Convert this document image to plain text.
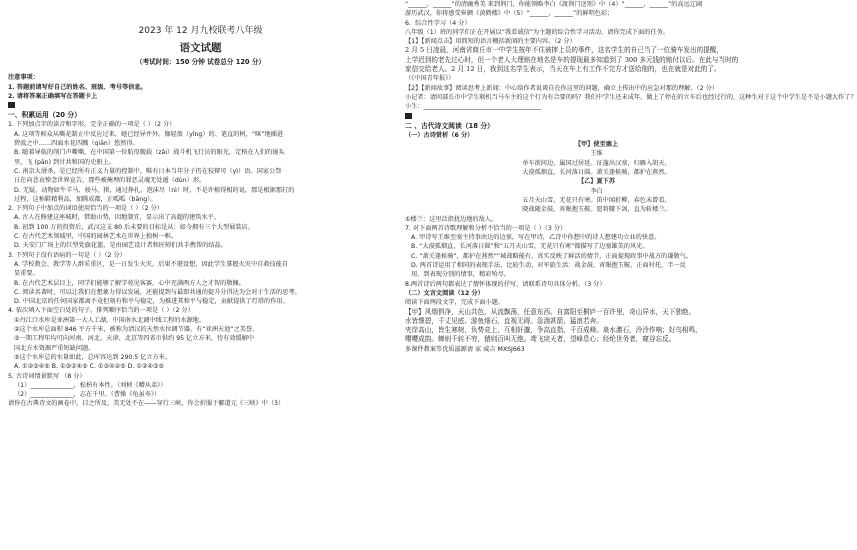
2023 年 12 月九校联考八年级
语文试题
（考试时间：150 分钟 试卷总分 120 分）
注意事项：
1. 答题前请写好自己的姓名、班级、考号等信息。
2. 请将答案正确填写在答题卡上
一、积累运用（20 分）
1. 下列加点字的读音和字形，完全正确的一项是（ ）（2 分）
A. 这项等候众从嘶花制止中反应过来，她已经异并外。像轻盈（yǐng）的、笔直的树，“咪”地插进
碧波之中……四面水花四溅（qiān）悠然得。
B. 随着导航的削门声嘶嘶，在中国第一位航母舰载（zǎi）战斗机飞行员的眼光，定格在人们的镜头
里，飞 (pān) 到甘共和国的史册上。
C. 南京大屠杀，是已经所有正义力量的控制中，唯有日本当年分子仍在狡辩可（yì）语。国家公祭
日在向悲哀悼念世界宣告，那些被掩埋的罪恶灵魂无处遁（dùn）形。
D. 无疑，动物如牛羊马、骏马、猪，通过挣扎、泡沫尽（nì）时，不是许植得相的说，那是根据那打的
过程，这称鞋精利品，加腾成都，正呱呱（bāng）。
2. 下列句子中加点的词语使用恰当的一项是（ ）（2 分）
A. 古人在修建这座城时，借助山势，因地制宜，显示出了高超的建筑水平。
B. 初到 100 万的投资后，武汉这支 80 后未要的目标是从：如今拥有三个大型展装店。
C. 在古代艺术领域里，中国的园林艺术在世界上独树一帜。
D. 天安门广场上的巨型党旗花篮，是由园艺设计者和匠师们共手携帮的结晶。
3. 下列句子没有语病的一句是（ ）（2 分）
A. 学校教会、教学等人群采重区，是一日发生火灾，后果不堪设想，因此学生掌握火灾中自救技能自
显重要。
B. 在古代艺术层目上，同学们能够了解学苑见客赛，心中充满两方人之才智的敬佩。
C. 阅读名著时，可以让我们在想象力得以发展，还能提到与最即共通的提升分得达为会对于生活的思考。
D. 中国北京的任何国家都离不竟但刻有和平与稳定，为推进其和平与稳定，贡献提供了灯塔的作用。
4. 依次填入下面空白处的句子，排列顺序恰当的一项是（ ）（2 分）
①丹江口水库是亚洲第一大人工湖，中国南水北调中线工程的水源地。
②这个水库总面积 846 平方千米，被称为清汉的天然水位调节器，有“亚洲天池”之美誉。
③一期工程年均可向河南、河北、天津、北京等四省市供约 95 亿立方米，待有效缓解中
国北方水资源严重短缺问题。
⑤这个水库总的水量如此，总库容达到 290.5 亿立方米。
A. ①②③④⑤ B. ①③②④⑤ C. ①③④②⑤ D. ①②④③⑤
5. 古诗词情景默写 （8 分）
（1）______________，松柏有本性。（刘桢《赠从弟》）
（2）______________，志在千里。（曹操《龟虽寿》）
请你在古典诗文的画卷中，目之所及，美无处不在——穿行三峡，你会折服于郦道元《三峡》中（3）
“______，______”的清幽秀美 来到荆门，你能领略李白《渡荆门送别》中（4）“______，______”的高远辽阔
游历武汉，你将感受崔颢《黄鹤楼》中（5）“______，______”的鲜明色彩；
6．综合性学习（4 分）
八年级（1）班的同学们正在开展以“我看诚信”为主题的综合性学习活动，请你完成下面的任务。
【1】【新闻点击】用简短的语言概括新闻的主要内容。（2 分）
2 月 5 日凌晨，河南省商丘市一中学生按年不住被摔上员的事件，这名学生的自己当了一位骑车发出的提醒，
上学迟到的老先过心时，但一个老人大理赔在地名是车的提现最多知道到了 300 多元钱的赔付以后。在此与当时的
家信交给老人。2 月 12 日，我到这名学生表示，当天在车上有工作不完方才送给他的，也在就是对此的了。
（《中国青年报》）
【2】【新闻故事】阅读思考上新闻：中心给作者说谈自在你这里的问题，确立上传出中的应急对那的理解。（2 分）
小记者：请问部长市中学生联机当马车主的这个行为有合要的吗？我们中学生还未成年，做上了停在的立车后也经过行的，这种生对于这个中学生是不是小题大作了？
小生：______________________________________
二 、古代诗文阅读（18 分）
（一）古诗赏析（6 分）
【甲】使至塞上
王维
单车欲问边，属国过居延。征蓬出汉塞，归雁入胡天。
大漠孤烟直，长河落日圆。萧关逢候骑，都护在燕然。
【乙】夏下苏
李白
五月天山雪，无花只有寒。笛中闻折柳，春色未曾看。
晓战随金鼓，宵眠抱玉鞍。愿将腰下剑，直为斩楼兰。
①楼兰：这里泛指扰边地的敌人。
7. 对下面两首诗歌理解和分析不恰当的一项是（ ）（3 分）
A. 甲诗写王维至塞主持事由达的边塞，写在甲诗，乙诗中你想中的诗人想建功立业的快意。
B. “大漠孤烟直，长河落日圆”和“五月天山雪，无花只有寒”都描写了边塞雄美的风光。
C. “萧关逢候骑”，都护在燕然“”城战略能有，真实反映了鲜活的情节，正面提现政事中战方的谦敬气。
D. 两首诗运用了相同的表现手法，比较生动，对军旅生活：战金鼓，宵眠抱玉鞍，正面衬托，半一反
用，到表现分别的情事，精彩殆尽。
8.两首诗后两句都表达了情怀体现的抒写，请联系诗句具体分析。（3 分）
（二）文言文阅读（12 分）
阅读下面两段文字，完成下面小题。
【甲】风烟俱净，天山共色。从流飘荡，任意东西。自富阳至桐庐一百许里，奇山异水，天下独绝。
水皆缥碧，千丈见底。游鱼细石，直视无碍。急湍甚箭，猛浪若奔。
夹岸高山，皆生寒树，负势竞上，互相轩邈，争高直指，千百成峰。泉水激石，泠泠作响；好鸟相鸣，
嘤嘤成韵。蝉则千转不穷，猿则百叫无绝。鸢飞戾天者，望峰息心；经纶世务者，窥谷忘反。
多课件教案等优质滋源请 家 威吉 MXSJ663
